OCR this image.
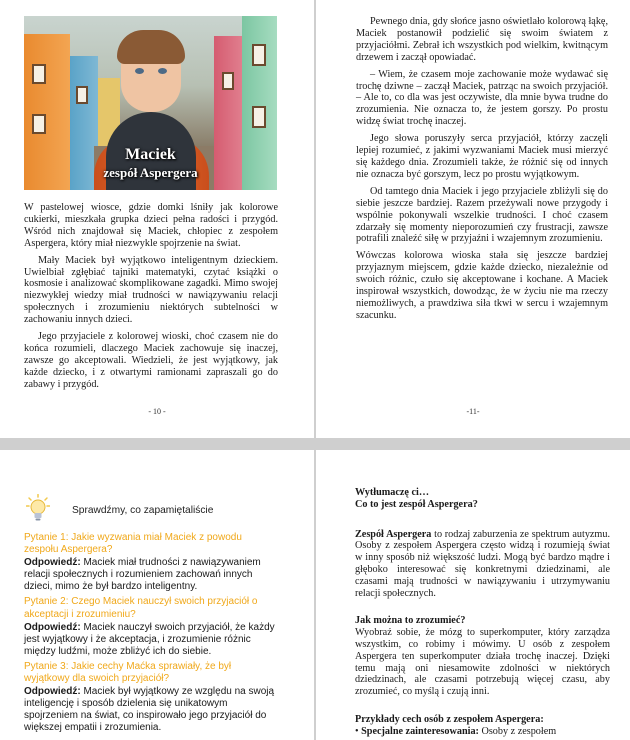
Maciek
zespół Aspergera

W pastelowej wiosce, gdzie domki lśniły jak kolorowe cukierki, mieszkała grupka dzieci pełna radości i przygód. Wśród nich znajdował się Maciek, chłopiec z zespołem Aspergera, który miał niezwykle spojrzenie na świat.

Mały Maciek był wyjątkowo inteligentnym dzieckiem. Uwielbiał zgłębiać tajniki matematyki, czytać książki o kosmosie i analizować skomplikowane zagadki. Mimo swojej niezwykłej wiedzy miał trudności w nawiązywaniu relacji społecznych i zrozumieniu niektórych subtelności w zachowaniu innych dzieci.

Jego przyjaciele z kolorowej wioski, choć czasem nie do końca rozumieli, dlaczego Maciek zachowuje się inaczej, zawsze go akceptowali. Wiedzieli, że jest wyjątkowy, jak każde dziecko, i z otwartymi ramionami zapraszali go do zabawy i przygód.

- 10 -

Pewnego dnia, gdy słońce jasno oświetlało kolorową łąkę, Maciek postanowił podzielić się swoim światem z przyjaciółmi. Zebrał ich wszystkich pod wielkim, kwitnącym drzewem i zaczął opowiadać.

– Wiem, że czasem moje zachowanie może wydawać się trochę dziwne – zaczął Maciek, patrząc na swoich przyjaciół. – Ale to, co dla was jest oczywiste, dla mnie bywa trudne do zrozumienia. Nie oznacza to, że jestem gorszy. Po prostu widzę świat trochę inaczej.

Jego słowa poruszyły serca przyjaciół, którzy zaczęli lepiej rozumieć, z jakimi wyzwaniami Maciek musi mierzyć się każdego dnia. Zrozumieli także, że różnić się od innych nie oznacza być gorszym, lecz po prostu wyjątkowym.

Od tamtego dnia Maciek i jego przyjaciele zbliżyli się do siebie jeszcze bardziej. Razem przeżywali nowe przygody i wspólnie pokonywali wszelkie trudności. I choć czasem zdarzały się momenty nieporozumień czy frustracji, zawsze potrafili znaleźć siłę w przyjaźni i wzajemnym zrozumieniu.

Wówczas kolorowa wioska stała się jeszcze bardziej przyjaznym miejscem, gdzie każde dziecko, niezależnie od swoich różnic, czuło się akceptowane i kochane. A Maciek inspirował wszystkich, dowodząc, że w życiu nie ma rzeczy niemożliwych, a prawdziwa siła tkwi w sercu i wzajemnym szacunku.

-11-
Sprawdźmy, co zapamiętaliście
Pytanie 1: Jakie wyzwania miał Maciek z powodu zespołu Aspergera?
Odpowiedź: Maciek miał trudności z nawiązywaniem relacji społecznych i rozumieniem zachowań innych dzieci, mimo że był bardzo inteligentny.
Pytanie 2: Czego Maciek nauczył swoich przyjaciół o akceptacji i zrozumieniu?
Odpowiedź: Maciek nauczył swoich przyjaciół, że każdy jest wyjątkowy i że akceptacja, i zrozumienie różnic między ludźmi, może zbliżyć ich do siebie.
Pytanie 3: Jakie cechy Maćka sprawiały, że był wyjątkowy dla swoich przyjaciół?
Odpowiedź: Maciek był wyjątkowy ze względu na swoją inteligencję i sposób dzielenia się unikatowym spojrzeniem na świat, co inspirowało jego przyjaciół do większej empatii i zrozumienia.
Wytłumaczę ci…
Co to jest zespół Aspergera?
Zespół Aspergera to rodzaj zaburzenia ze spektrum autyzmu. Osoby z zespołem Aspergera często widzą i rozumieją świat w inny sposób niż większość ludzi. Mogą być bardzo mądre i głęboko interesować się konkretnymi dziedzinami, ale czasami mają trudności w nawiązywaniu i utrzymywaniu relacji społecznych.
Jak można to zrozumieć?
Wyobraź sobie, że mózg to superkomputer, który zarządza wszystkim, co robimy i mówimy. U osób z zespołem Aspergera ten superkomputer działa trochę inaczej. Dzięki temu mają oni niesamowite zdolności w niektórych dziedzinach, ale czasami potrzebują więcej czasu, aby zrozumieć, co myślą i czują inni.
Przykłady cech osób z zespołem Aspergera:
• Specjalne zainteresowania: Osoby z zespołem
